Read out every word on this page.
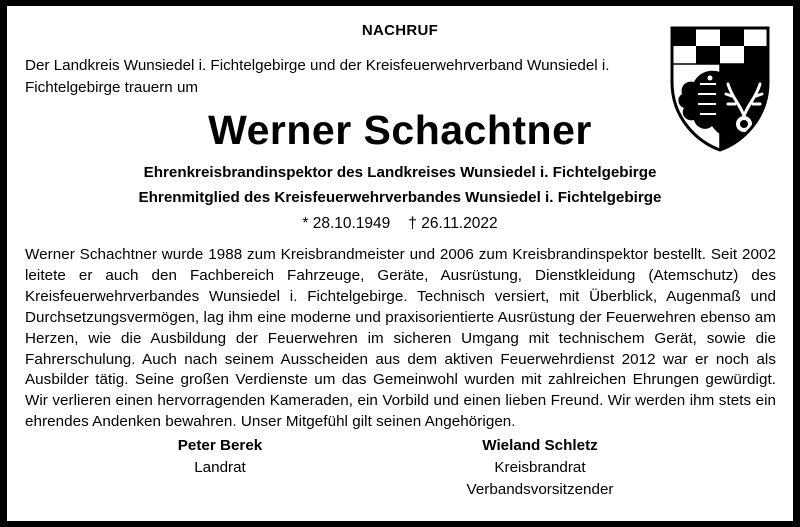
NACHRUF
Der Landkreis Wunsiedel i. Fichtelgebirge und der Kreisfeuerwehrverband Wunsiedel i. Fichtelgebirge trauern um
Werner Schachtner
Ehrenkreisbrandinspektor des Landkreises Wunsiedel i. Fichtelgebirge
Ehrenmitglied des Kreisfeuerwehrverbandes Wunsiedel i. Fichtelgebirge
* 28.10.1949 † 26.11.2022
Werner Schachtner wurde 1988 zum Kreisbrandmeister und 2006 zum Kreisbrandinspektor bestellt. Seit 2002 leitete er auch den Fachbereich Fahrzeuge, Geräte, Ausrüstung, Dienstkleidung (Atemschutz) des Kreisfeuerwehrverbandes Wunsiedel i. Fichtelgebirge. Technisch versiert, mit Überblick, Augenmaß und Durchsetzungsvermögen, lag ihm eine moderne und praxisorientierte Ausrüstung der Feuerwehren ebenso am Herzen, wie die Ausbildung der Feuerwehren im sicheren Umgang mit technischem Gerät, sowie die Fahrerschulung. Auch nach seinem Ausscheiden aus dem aktiven Feuerwehrdienst 2012 war er noch als Ausbilder tätig. Seine großen Verdienste um das Gemeinwohl wurden mit zahlreichen Ehrungen gewürdigt. Wir verlieren einen hervorragenden Kameraden, ein Vorbild und einen lieben Freund. Wir werden ihm stets ein ehrendes Andenken bewahren. Unser Mitgefühl gilt seinen Angehörigen.
Peter Berek
Landrat
Wieland Schletz
Kreisbrandrat
Verbandsvorsitzender
